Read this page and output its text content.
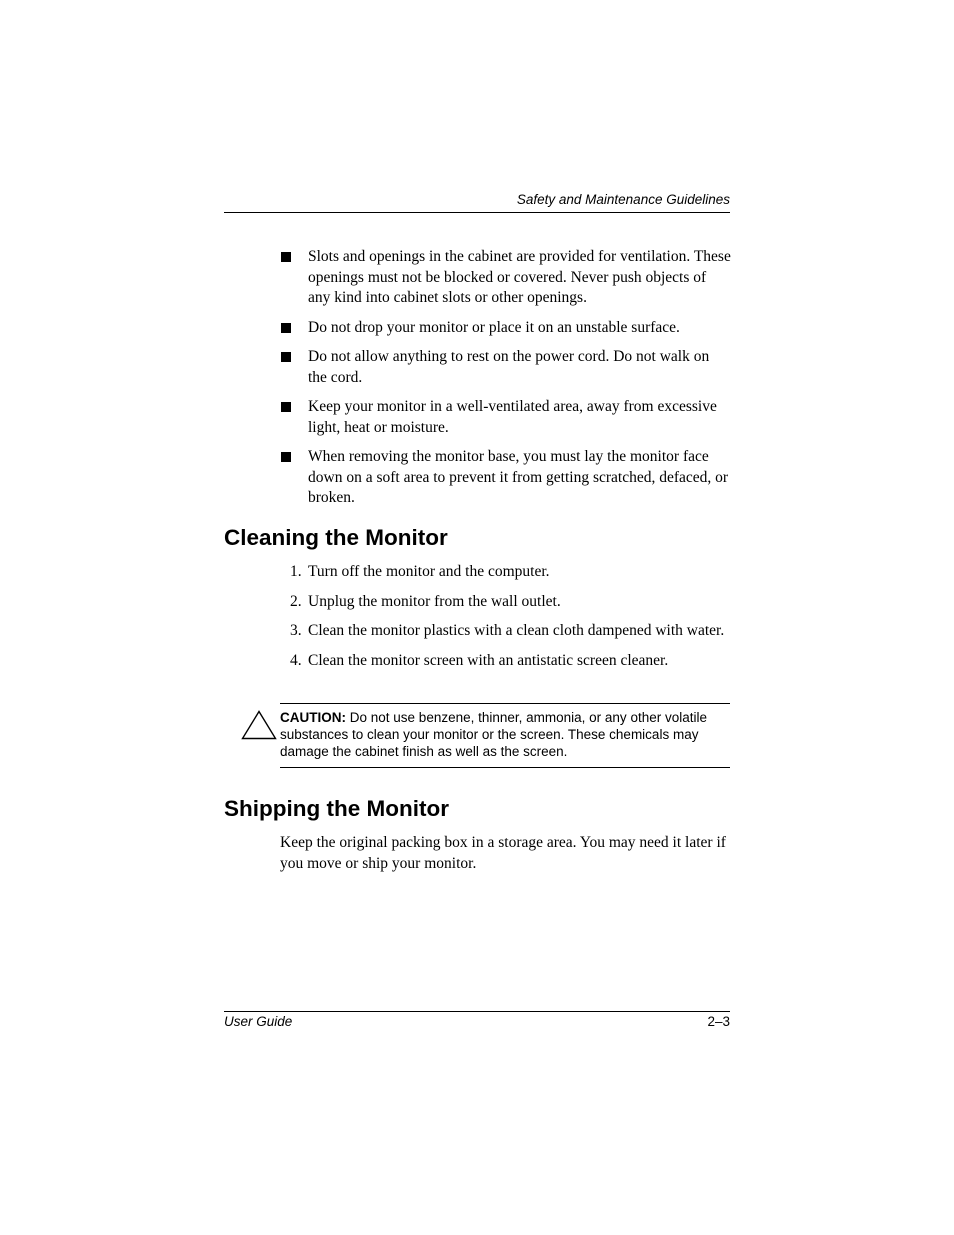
Safety and Maintenance Guidelines
Slots and openings in the cabinet are provided for ventilation. These openings must not be blocked or covered. Never push objects of any kind into cabinet slots or other openings.
Do not drop your monitor or place it on an unstable surface.
Do not allow anything to rest on the power cord. Do not walk on the cord.
Keep your monitor in a well-ventilated area, away from excessive light, heat or moisture.
When removing the monitor base, you must lay the monitor face down on a soft area to prevent it from getting scratched, defaced, or broken.
Cleaning the Monitor
1. Turn off the monitor and the computer.
2. Unplug the monitor from the wall outlet.
3. Clean the monitor plastics with a clean cloth dampened with water.
4. Clean the monitor screen with an antistatic screen cleaner.
CAUTION: Do not use benzene, thinner, ammonia, or any other volatile substances to clean your monitor or the screen. These chemicals may damage the cabinet finish as well as the screen.
Shipping the Monitor

Keep the original packing box in a storage area. You may need it later if you move or ship your monitor.

User Guide	2–3
